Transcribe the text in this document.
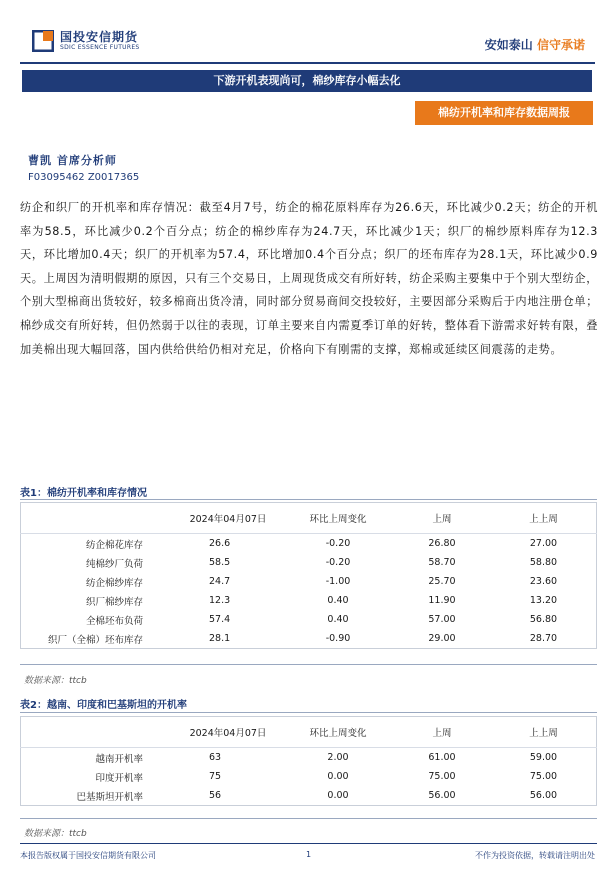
国投安信期货
SDIC ESSENCE FUTURES	安如泰山 信守承诺
下游开机表现尚可，棉纱库存小幅去化
棉纺开机率和库存数据周报
曹凯 首席分析师
F03095462 Z0017365
纺企和织厂的开机率和库存情况：截至4月7号，纺企的棉花原料库存为26.6天，环比减少0.2天；纺企的开机率为58.5，环比减少0.2个百分点；纺企的棉纱库存为24.7天，环比减少1天；织厂的棉纱原料库存为12.3天，环比增加0.4天；织厂的开机率为57.4，环比增加0.4个百分点；织厂的坯布库存为28.1天，环比减少0.9天。上周因为清明假期的原因，只有三个交易日，上周现货成交有所好转，纺企采购主要集中于个别大型纺企，个别大型棉商出货较好，较多棉商出货冷清，同时部分贸易商间交投较好，主要因部分采购后于内地注册仓单；棉纱成交有所好转，但仍然弱于以往的表现，订单主要来自内需夏季订单的好转，整体看下游需求好转有限，叠加美棉出现大幅回落，国内供给供给仍相对充足，价格向下有刚需的支撑，郑棉或延续区间震荡的走势。
表1：棉纺开机率和库存情况
	2024年04月07日	环比上周变化	上周	上上周
纺企棉花库存	26.6	-0.20	26.80	27.00
纯棉纱厂负荷	58.5	-0.20	58.70	58.80
纺企棉纱库存	24.7	-1.00	25.70	23.60
织厂棉纱库存	12.3	0.40	11.90	13.20
全棉坯布负荷	57.4	0.40	57.00	56.80
织厂（全棉）坯布库存	28.1	-0.90	29.00	28.70
数据来源：ttcb
表2：越南、印度和巴基斯坦的开机率
	2024年04月07日	环比上周变化	上周	上上周
越南开机率	63	2.00	61.00	59.00
印度开机率	75	0.00	75.00	75.00
巴基斯坦开机率	56	0.00	56.00	56.00
数据来源：ttcb
本报告版权属于国投安信期货有限公司	1	不作为投资依据，转载请注明出处
